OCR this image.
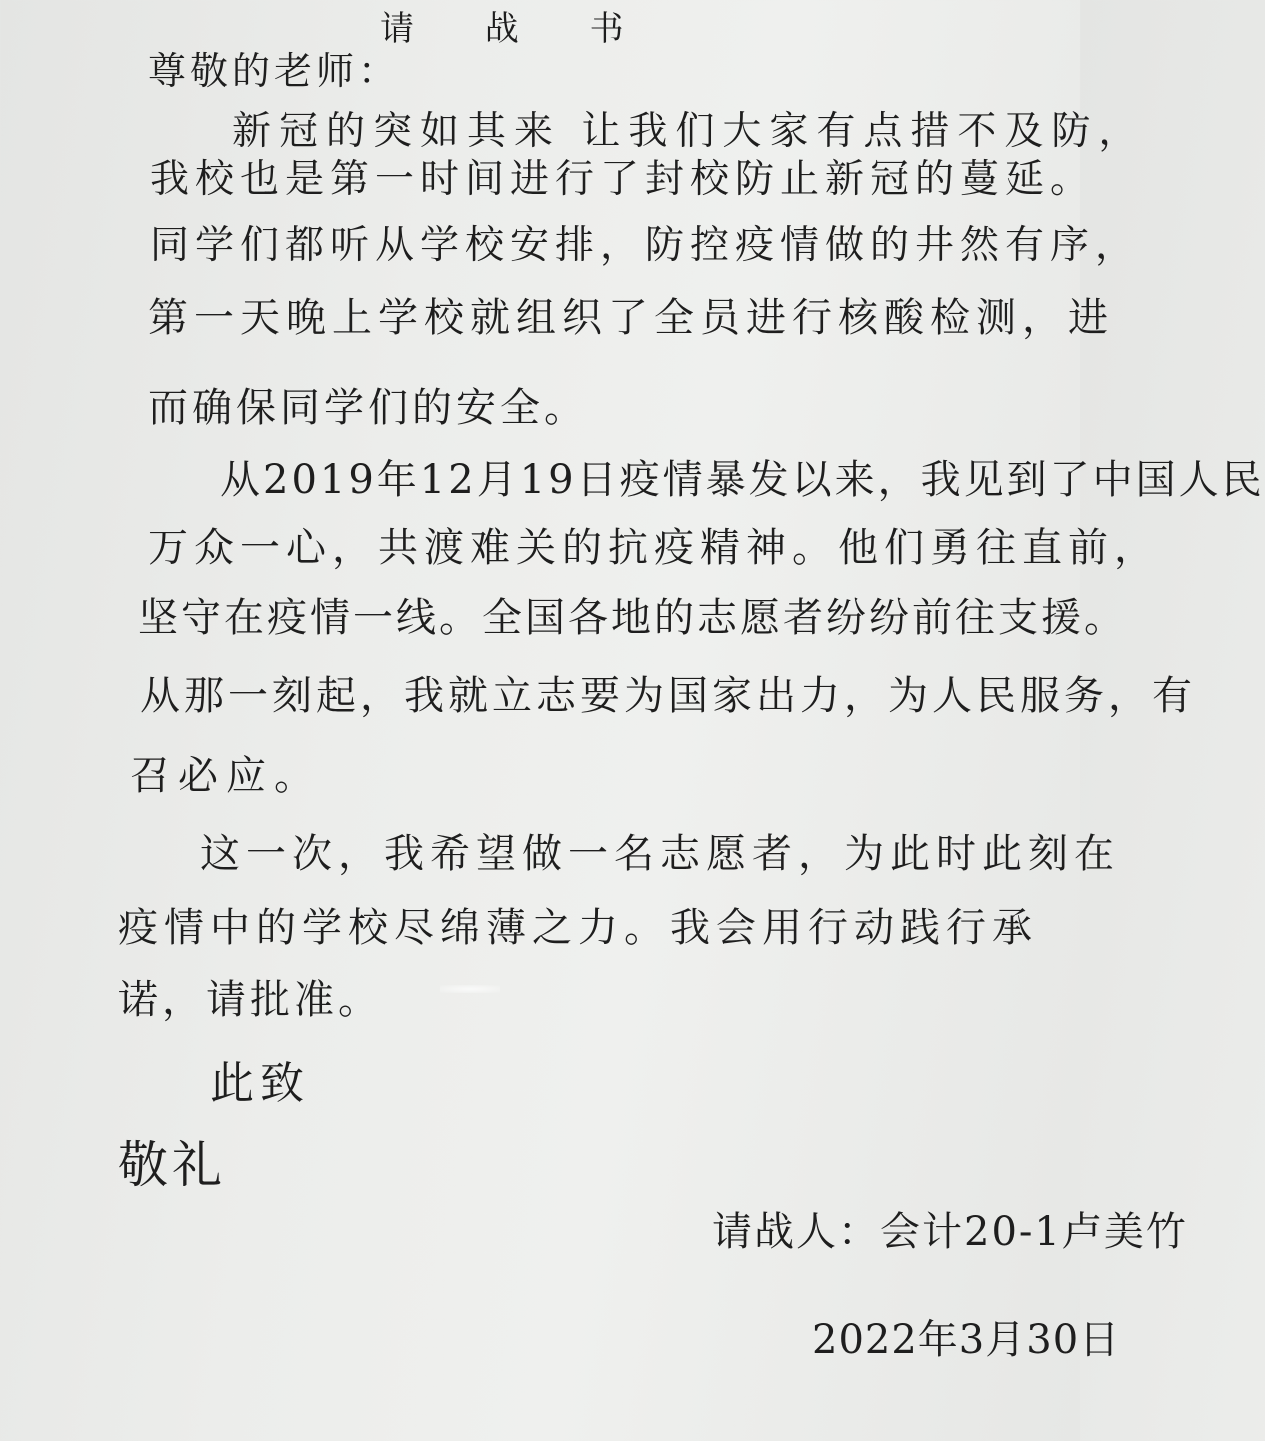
请 战 书
尊敬的老师：
新冠的突如其来 让我们大家有点措不及防，
我校也是第一时间进行了封校防止新冠的蔓延。
同学们都听从学校安排，防控疫情做的井然有序，
第一天晚上学校就组织了全员进行核酸检测，进
而确保同学们的安全。
从2019年12月19日疫情暴发以来，我见到了中国人民
万众一心，共渡难关的抗疫精神。他们勇往直前，
坚守在疫情一线。全国各地的志愿者纷纷前往支援。
从那一刻起，我就立志要为国家出力，为人民服务，有
召必应。
这一次，我希望做一名志愿者，为此时此刻在
疫情中的学校尽绵薄之力。我会用行动践行承
诺，请批准。
此致
敬礼
请战人：会计20-1卢美竹
2022年3月30日
